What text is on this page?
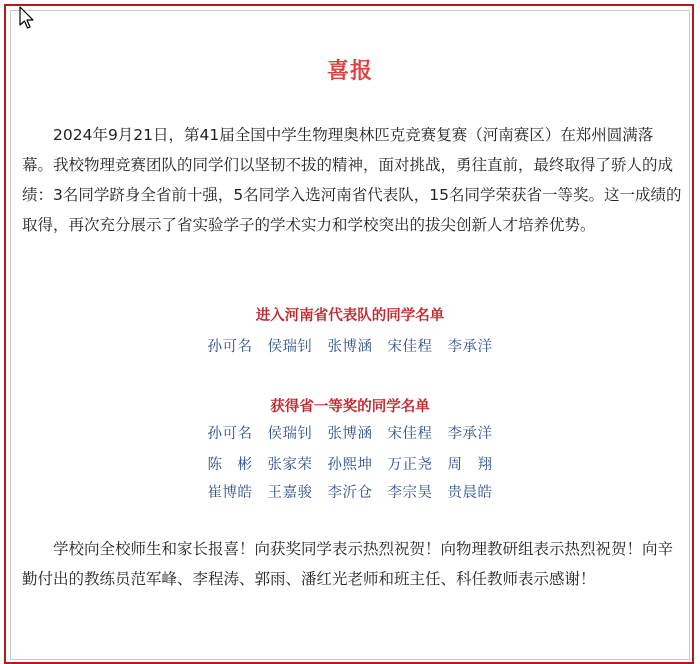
喜报

2024年9月21日，第41届全国中学生物理奥林匹克竞赛复赛（河南赛区）在郑州圆满落幕。我校物理竞赛团队的同学们以坚韧不拔的精神，面对挑战，勇往直前，最终取得了骄人的成绩：3名同学跻身全省前十强，5名同学入选河南省代表队，15名同学荣获省一等奖。这一成绩的取得，再次充分展示了省实验学子的学术实力和学校突出的拔尖创新人才培养优势。

进入河南省代表队的同学名单
孙可名　侯瑞钊　张博涵　宋佳程　李承洋
获得省一等奖的同学名单
孙可名　侯瑞钊　张博涵　宋佳程　李承洋
陈　彬　张家荣　孙熙坤　万正尧　周　翔
崔博皓　王嘉骏　李沂仓　李宗昊　贵晨皓

学校向全校师生和家长报喜！向获奖同学表示热烈祝贺！向物理教研组表示热烈祝贺！向辛勤付出的教练员范军峰、李程涛、郭雨、潘红光老师和班主任、科任教师表示感谢！
